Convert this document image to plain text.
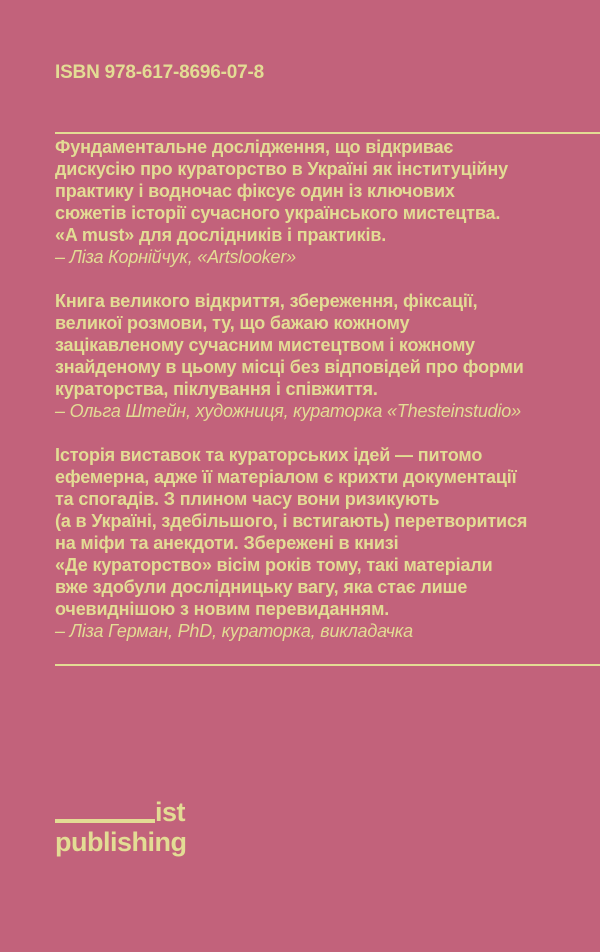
ISBN 978-617-8696-07-8
Фундаментальне дослідження, що відкриває
дискусію про кураторство в Україні як інституційну
практику і водночас фіксує один із ключових
сюжетів історії сучасного українського мистецтва.
«A must» для дослідників і практиків.
– Ліза Корнійчук, «Artslooker»
Книга великого відкриття, збереження, фіксації,
великої розмови, ту, що бажаю кожному
зацікавленому сучасним мистецтвом і кожному
знайденому в цьому місці без відповідей про форми
кураторства, піклування і співжиття.
– Ольга Штейн, художниця, кураторка «Thesteinstudio»
Історія виставок та кураторських ідей — питомо
ефемерна, адже її матеріалом є крихти документації
та спогадів. З плином часу вони ризикують
(а в Україні, здебільшого, і встигають) перетворитися
на міфи та анекдоти. Збережені в книзі
«Де кураторство» вісім років тому, такі матеріали
вже здобули дослідницьку вагу, яка стає лише
очевиднішою з новим перевиданням.
– Ліза Герман, PhD, кураторка, викладачка
ist
publishing
